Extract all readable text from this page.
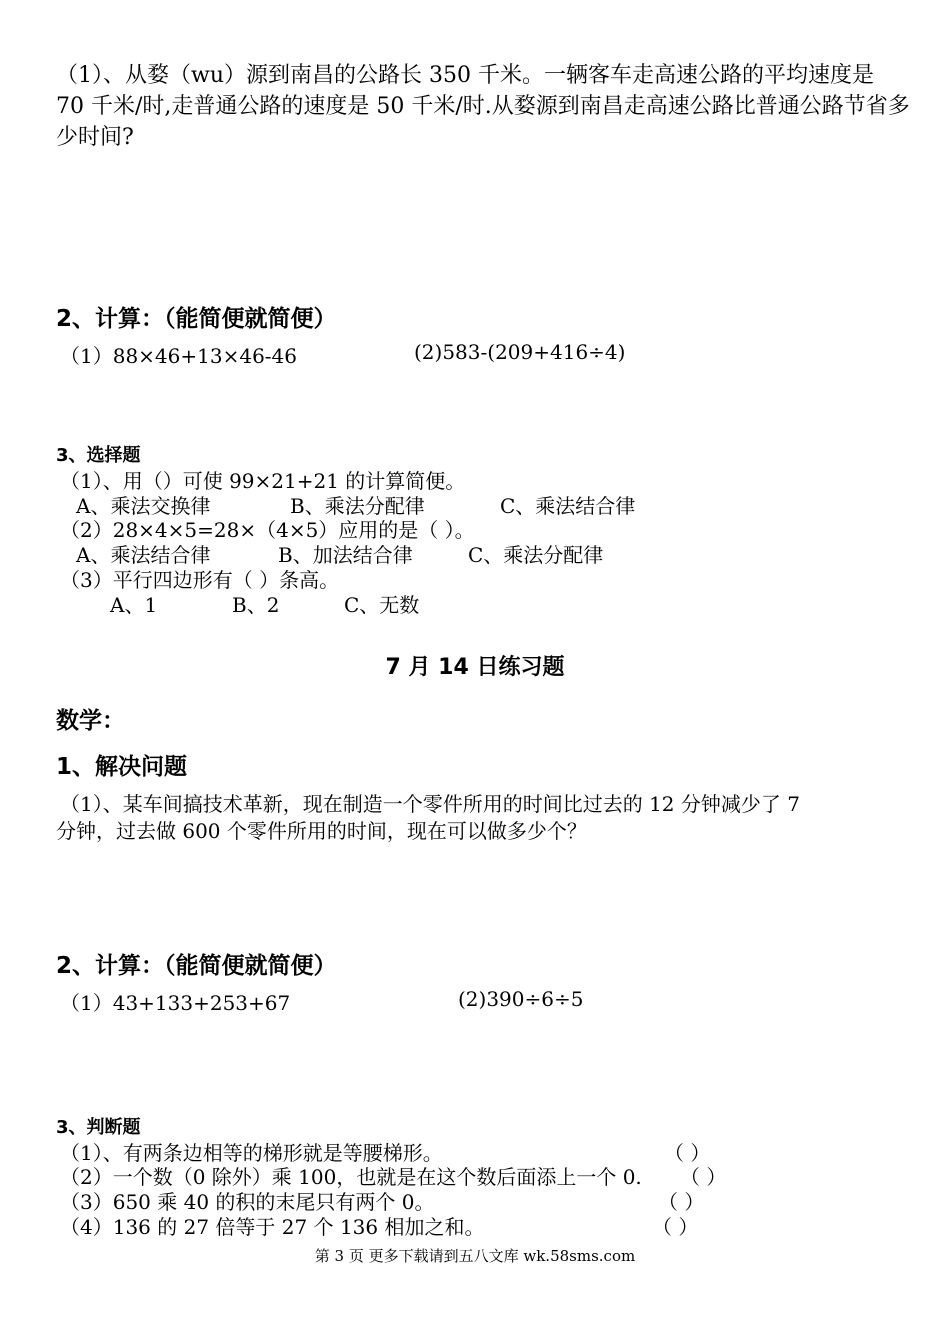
（1）、从婺（wu）源到南昌的公路长 350 千米。一辆客车走高速公路的平均速度是
70 千米/时,走普通公路的速度是 50 千米/时.从婺源到南昌走高速公路比普通公路节省多
少时间?
2、计算：（能简便就简便）
（1）88×46+13×46-46	(2)583-(209+416÷4)
3、选择题
（1）、用（）可使 99×21+21 的计算简便。
A、乘法交换律	B、乘法分配律	C、乘法结合律
（2）28×4×5=28×（4×5）应用的是（ ）。
A、乘法结合律	B、加法结合律	C、乘法分配律
（3）平行四边形有（ ）条高。
A、1	B、2	C、无数
7 月 14 日练习题
数学：
1、解决问题
（1）、某车间搞技术革新，现在制造一个零件所用的时间比过去的 12 分钟减少了 7
分钟，过去做 600 个零件所用的时间，现在可以做多少个？
2、计算：（能简便就简便）
（1）43+133+253+67	(2)390÷6÷5
3、判断题
（1）、有两条边相等的梯形就是等腰梯形。	（ ）
（2）一个数（0 除外）乘 100，也就是在这个数后面添上一个 0. （ ）
（3）650 乘 40 的积的末尾只有两个 0。	（ ）
（4）136 的 27 倍等于 27 个 136 相加之和。	（ ）
第 3 页 更多下载请到五八文库 wk.58sms.com
